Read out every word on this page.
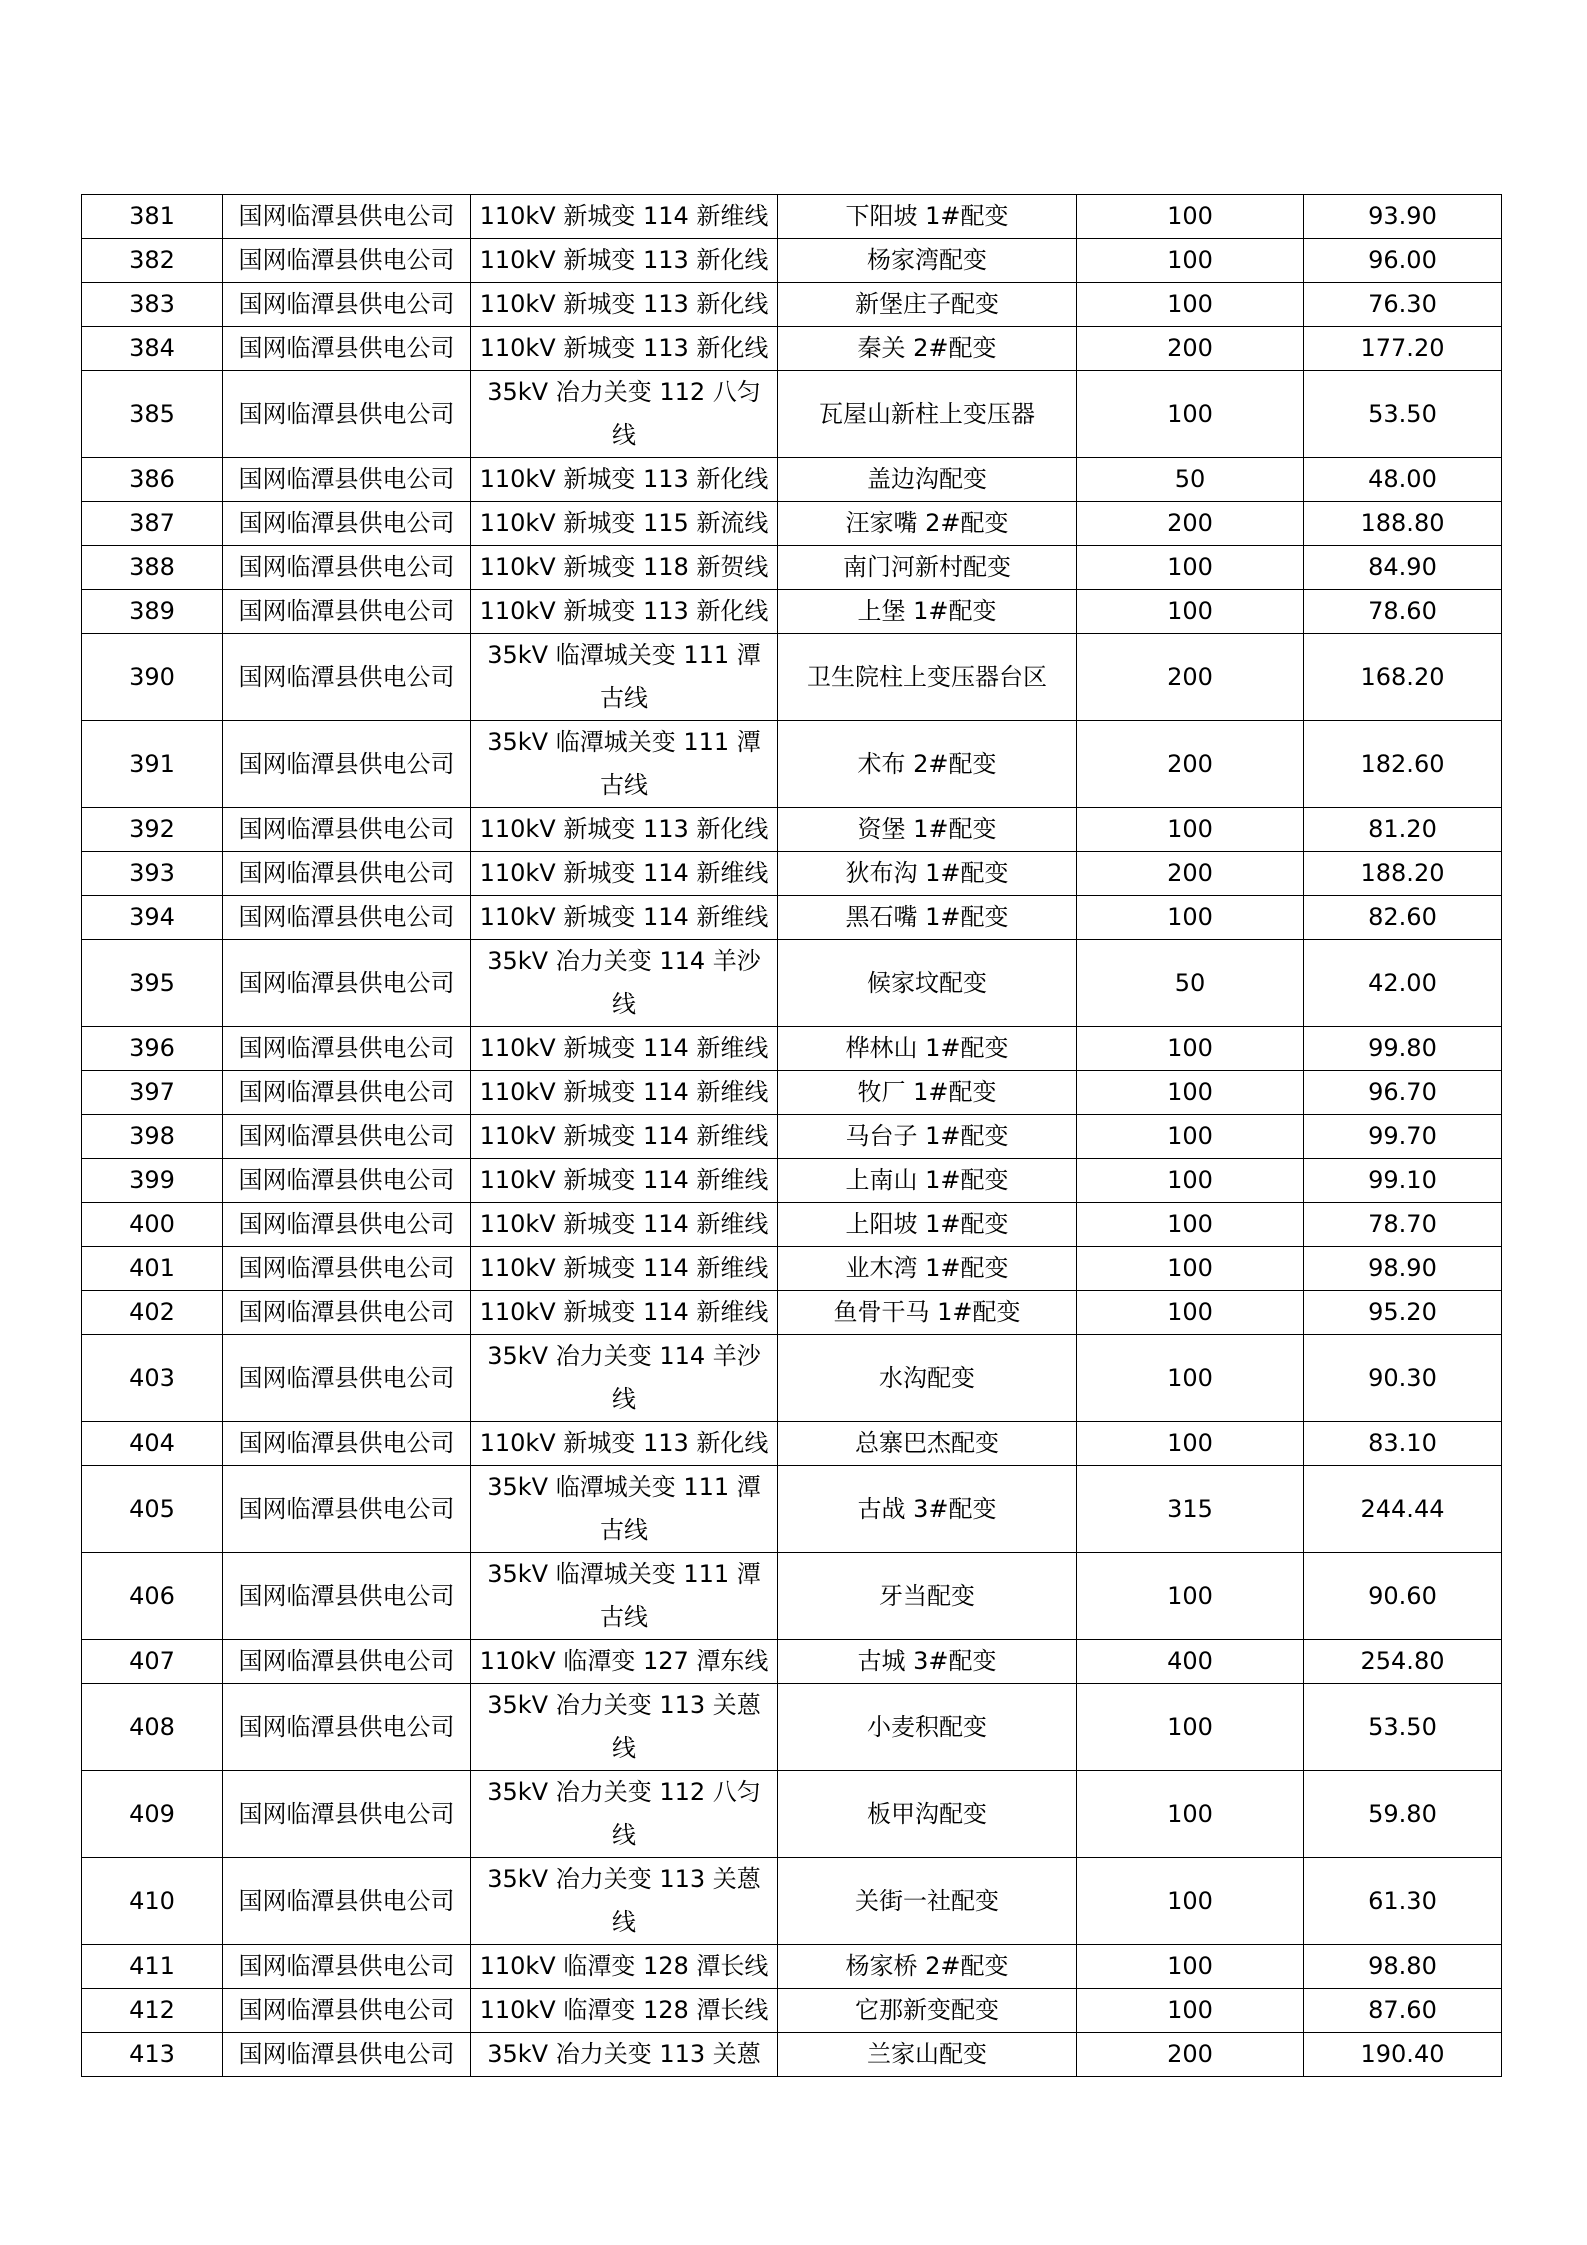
381	国网临潭县供电公司	110kV 新城变 114 新维线	下阳坡 1#配变	100	93.90
382	国网临潭县供电公司	110kV 新城变 113 新化线	杨家湾配变	100	96.00
383	国网临潭县供电公司	110kV 新城变 113 新化线	新堡庄子配变	100	76.30
384	国网临潭县供电公司	110kV 新城变 113 新化线	秦关 2#配变	200	177.20
385	国网临潭县供电公司	35kV 冶力关变 112 八匀线	瓦屋山新柱上变压器	100	53.50
386	国网临潭县供电公司	110kV 新城变 113 新化线	盖边沟配变	50	48.00
387	国网临潭县供电公司	110kV 新城变 115 新流线	汪家嘴 2#配变	200	188.80
388	国网临潭县供电公司	110kV 新城变 118 新贺线	南门河新村配变	100	84.90
389	国网临潭县供电公司	110kV 新城变 113 新化线	上堡 1#配变	100	78.60
390	国网临潭县供电公司	35kV 临潭城关变 111 潭古线	卫生院柱上变压器台区	200	168.20
391	国网临潭县供电公司	35kV 临潭城关变 111 潭古线	术布 2#配变	200	182.60
392	国网临潭县供电公司	110kV 新城变 113 新化线	资堡 1#配变	100	81.20
393	国网临潭县供电公司	110kV 新城变 114 新维线	狄布沟 1#配变	200	188.20
394	国网临潭县供电公司	110kV 新城变 114 新维线	黑石嘴 1#配变	100	82.60
395	国网临潭县供电公司	35kV 冶力关变 114 羊沙线	候家坟配变	50	42.00
396	国网临潭县供电公司	110kV 新城变 114 新维线	桦林山 1#配变	100	99.80
397	国网临潭县供电公司	110kV 新城变 114 新维线	牧厂 1#配变	100	96.70
398	国网临潭县供电公司	110kV 新城变 114 新维线	马台子 1#配变	100	99.70
399	国网临潭县供电公司	110kV 新城变 114 新维线	上南山 1#配变	100	99.10
400	国网临潭县供电公司	110kV 新城变 114 新维线	上阳坡 1#配变	100	78.70
401	国网临潭县供电公司	110kV 新城变 114 新维线	业木湾 1#配变	100	98.90
402	国网临潭县供电公司	110kV 新城变 114 新维线	鱼骨干马 1#配变	100	95.20
403	国网临潭县供电公司	35kV 冶力关变 114 羊沙线	水沟配变	100	90.30
404	国网临潭县供电公司	110kV 新城变 113 新化线	总寨巴杰配变	100	83.10
405	国网临潭县供电公司	35kV 临潭城关变 111 潭古线	古战 3#配变	315	244.44
406	国网临潭县供电公司	35kV 临潭城关变 111 潭古线	牙当配变	100	90.60
407	国网临潭县供电公司	110kV 临潭变 127 潭东线	古城 3#配变	400	254.80
408	国网临潭县供电公司	35kV 冶力关变 113 关蒽线	小麦积配变	100	53.50
409	国网临潭县供电公司	35kV 冶力关变 112 八匀线	板甲沟配变	100	59.80
410	国网临潭县供电公司	35kV 冶力关变 113 关蒽线	关街一社配变	100	61.30
411	国网临潭县供电公司	110kV 临潭变 128 潭长线	杨家桥 2#配变	100	98.80
412	国网临潭县供电公司	110kV 临潭变 128 潭长线	它那新变配变	100	87.60
413	国网临潭县供电公司	35kV 冶力关变 113 关蒽	兰家山配变	200	190.40
